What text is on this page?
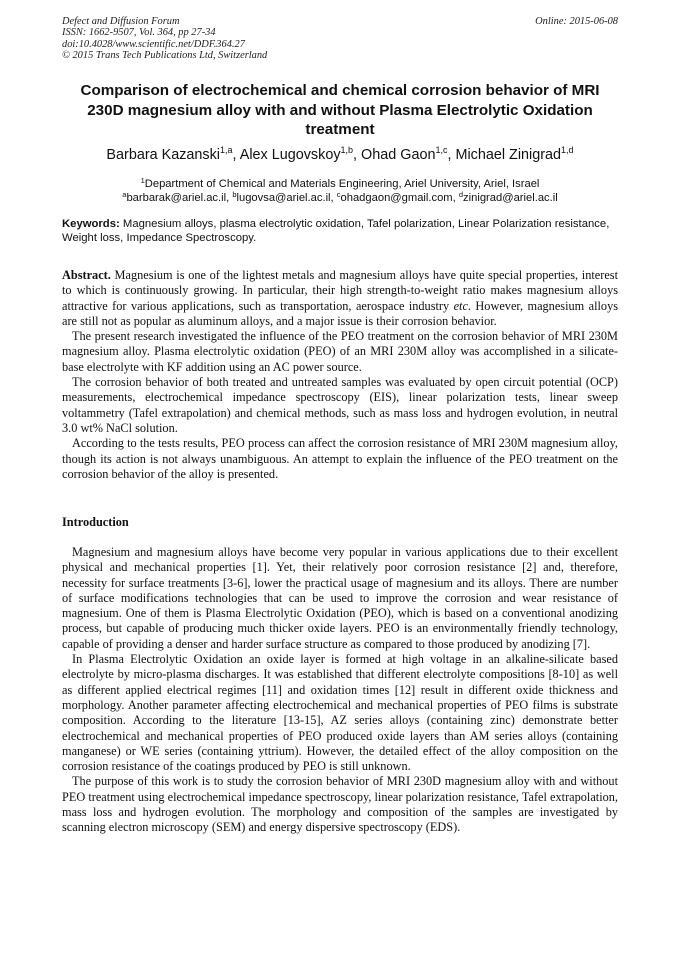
Defect and Diffusion Forum
ISSN: 1662-9507, Vol. 364, pp 27-34
doi:10.4028/www.scientific.net/DDF.364.27
© 2015 Trans Tech Publications Ltd, Switzerland
Online: 2015-06-08
Comparison of electrochemical and chemical corrosion behavior of MRI 230D magnesium alloy with and without Plasma Electrolytic Oxidation treatment
Barbara Kazanski$^{1,a}$, Alex Lugovskoy$^{1,b}$, Ohad Gaon$^{1,c}$, Michael Zinigrad$^{1,d}$
$^1$Department of Chemical and Materials Engineering, Ariel University, Ariel, Israel
$^a$barbarak@ariel.ac.il, $^b$lugovsa@ariel.ac.il, $^c$ohadgaon@gmail.com, $^d$zinigrad@ariel.ac.il
Keywords: Magnesium alloys, plasma electrolytic oxidation, Tafel polarization, Linear Polarization resistance, Weight loss, Impedance Spectroscopy.

Abstract. Magnesium is one of the lightest metals and magnesium alloys have quite special properties, interest to which is continuously growing. In particular, their high strength-to-weight ratio makes magnesium alloys attractive for various applications, such as transportation, aerospace industry etc. However, magnesium alloys are still not as popular as aluminum alloys, and a major issue is their corrosion behavior.

The present research investigated the influence of the PEO treatment on the corrosion behavior of MRI 230M magnesium alloy. Plasma electrolytic oxidation (PEO) of an MRI 230M alloy was accomplished in a silicate-base electrolyte with KF addition using an AC power source.

The corrosion behavior of both treated and untreated samples was evaluated by open circuit potential (OCP) measurements, electrochemical impedance spectroscopy (EIS), linear polarization tests, linear sweep voltammetry (Tafel extrapolation) and chemical methods, such as mass loss and hydrogen evolution, in neutral 3.0 wt% NaCl solution.

According to the tests results, PEO process can affect the corrosion resistance of MRI 230M magnesium alloy, though its action is not always unambiguous. An attempt to explain the influence of the PEO treatment on the corrosion behavior of the alloy is presented.

Introduction

Magnesium and magnesium alloys have become very popular in various applications due to their excellent physical and mechanical properties [1]. Yet, their relatively poor corrosion resistance [2] and, therefore, necessity for surface treatments [3-6], lower the practical usage of magnesium and its alloys. There are number of surface modifications technologies that can be used to improve the corrosion and wear resistance of magnesium. One of them is Plasma Electrolytic Oxidation (PEO), which is based on a conventional anodizing process, but capable of producing much thicker oxide layers. PEO is an environmentally friendly technology, capable of providing a denser and harder surface structure as compared to those produced by anodizing [7].

In Plasma Electrolytic Oxidation an oxide layer is formed at high voltage in an alkaline-silicate based electrolyte by micro-plasma discharges. It was established that different electrolyte compositions [8-10] as well as different applied electrical regimes [11] and oxidation times [12] result in different oxide thickness and morphology. Another parameter affecting electrochemical and mechanical properties of PEO films is substrate composition. According to the literature [13-15], AZ series alloys (containing zinc) demonstrate better electrochemical and mechanical properties of PEO produced oxide layers than AM series alloys (containing manganese) or WE series (containing yttrium). However, the detailed effect of the alloy composition on the corrosion resistance of the coatings produced by PEO is still unknown.

The purpose of this work is to study the corrosion behavior of MRI 230D magnesium alloy with and without PEO treatment using electrochemical impedance spectroscopy, linear polarization resistance, Tafel extrapolation, mass loss and hydrogen evolution. The morphology and composition of the samples are investigated by scanning electron microscopy (SEM) and energy dispersive spectroscopy (EDS).
